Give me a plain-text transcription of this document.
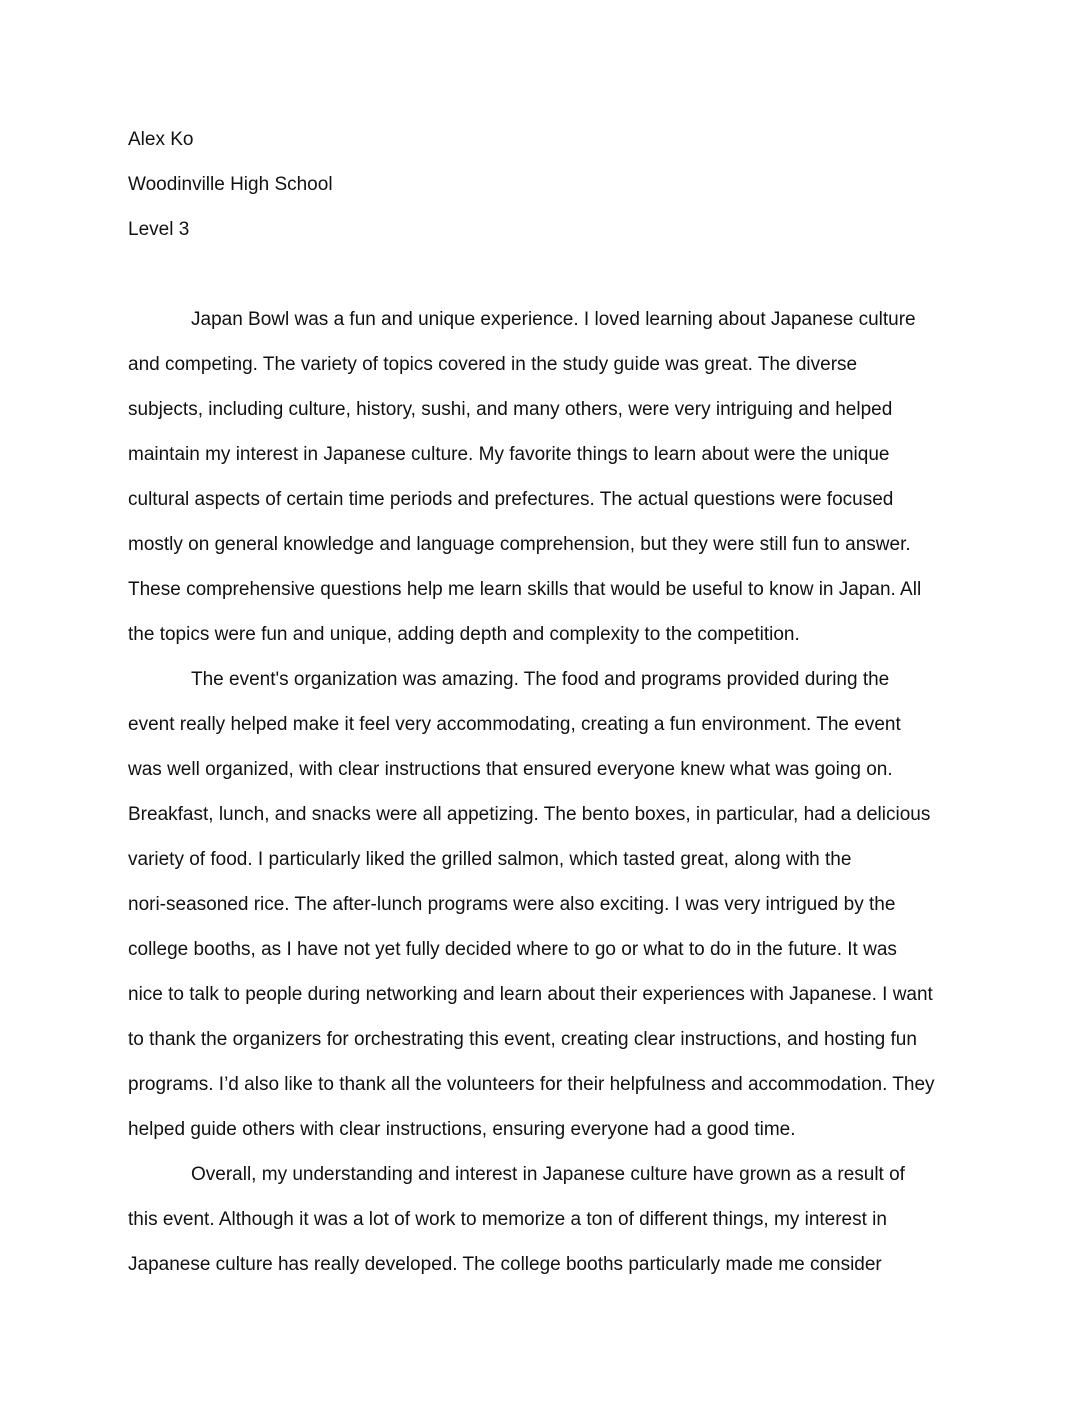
Alex Ko

Woodinville High School

Level 3

Japan Bowl was a fun and unique experience. I loved learning about Japanese culture

and competing. The variety of topics covered in the study guide was great. The diverse

subjects, including culture, history, sushi, and many others, were very intriguing and helped

maintain my interest in Japanese culture. My favorite things to learn about were the unique

cultural aspects of certain time periods and prefectures. The actual questions were focused

mostly on general knowledge and language comprehension, but they were still fun to answer.

These comprehensive questions help me learn skills that would be useful to know in Japan. All

the topics were fun and unique, adding depth and complexity to the competition.

The event's organization was amazing. The food and programs provided during the

event really helped make it feel very accommodating, creating a fun environment. The event

was well organized, with clear instructions that ensured everyone knew what was going on.

Breakfast, lunch, and snacks were all appetizing. The bento boxes, in particular, had a delicious

variety of food. I particularly liked the grilled salmon, which tasted great, along with the

nori-seasoned rice. The after-lunch programs were also exciting. I was very intrigued by the

college booths, as I have not yet fully decided where to go or what to do in the future. It was

nice to talk to people during networking and learn about their experiences with Japanese. I want

to thank the organizers for orchestrating this event, creating clear instructions, and hosting fun

programs. I’d also like to thank all the volunteers for their helpfulness and accommodation. They

helped guide others with clear instructions, ensuring everyone had a good time.

Overall, my understanding and interest in Japanese culture have grown as a result of

this event. Although it was a lot of work to memorize a ton of different things, my interest in

Japanese culture has really developed. The college booths particularly made me consider
